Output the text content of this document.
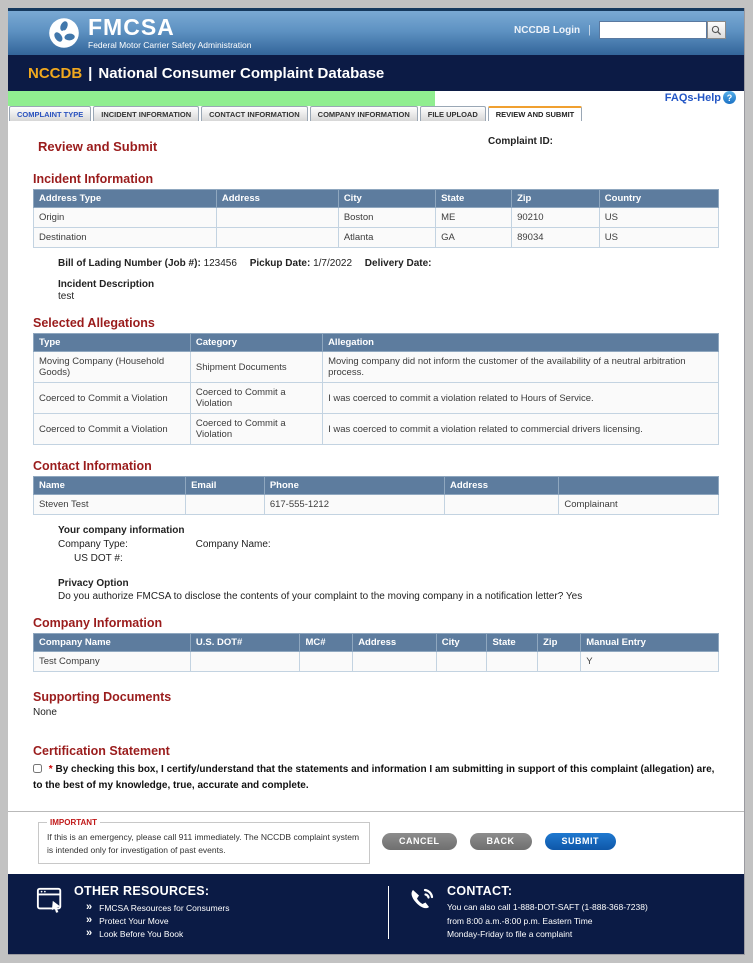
FMCSA
Federal Motor Carrier Safety Administration
NCCDB Login |
NCCDB | National Consumer Complaint Database
FAQs-Help ?
COMPLAINT TYPE	INCIDENT INFORMATION	CONTACT INFORMATION	COMPANY INFORMATION	FILE UPLOAD	REVIEW AND SUBMIT
Review and Submit	Complaint ID:
Incident Information
Address Type	Address	City	State	Zip	Country
Origin		Boston	ME	90210	US
Destination		Atlanta	GA	89034	US
Bill of Lading Number (Job #): 123456 Pickup Date: 1/7/2022 Delivery Date:
Incident Description
test
Selected Allegations
Type	Category	Allegation
Moving Company (Household Goods)	Shipment Documents	Moving company did not inform the customer of the availability of a neutral arbitration process.
Coerced to Commit a Violation	Coerced to Commit a Violation	I was coerced to commit a violation related to Hours of Service.
Coerced to Commit a Violation	Coerced to Commit a Violation	I was coerced to commit a violation related to commercial drivers licensing.
Contact Information
Name	Email	Phone	Address	
Steven Test		617-555-1212		Complainant
Your company information
Company Type:	Company Name:
US DOT #:
Privacy Option
Do you authorize FMCSA to disclose the contents of your complaint to the moving company in a notification letter? Yes
Company Information
Company Name	U.S. DOT#	MC#	Address	City	State	Zip	Manual Entry
Test Company							Y
Supporting Documents
None
Certification Statement
* By checking this box, I certify/understand that the statements and information I am submitting in support of this complaint (allegation) are, to the best of my knowledge, true, accurate and complete.
IMPORTANT
If this is an emergency, please call 911 immediately. The NCCDB complaint system is intended only for investigation of past events.
CANCEL	BACK	SUBMIT
OTHER RESOURCES:
» FMCSA Resources for Consumers
» Protect Your Move
» Look Before You Book
CONTACT:
You can also call 1-888-DOT-SAFT (1-888-368-7238)
from 8:00 a.m.-8:00 p.m. Eastern Time
Monday-Friday to file a complaint
